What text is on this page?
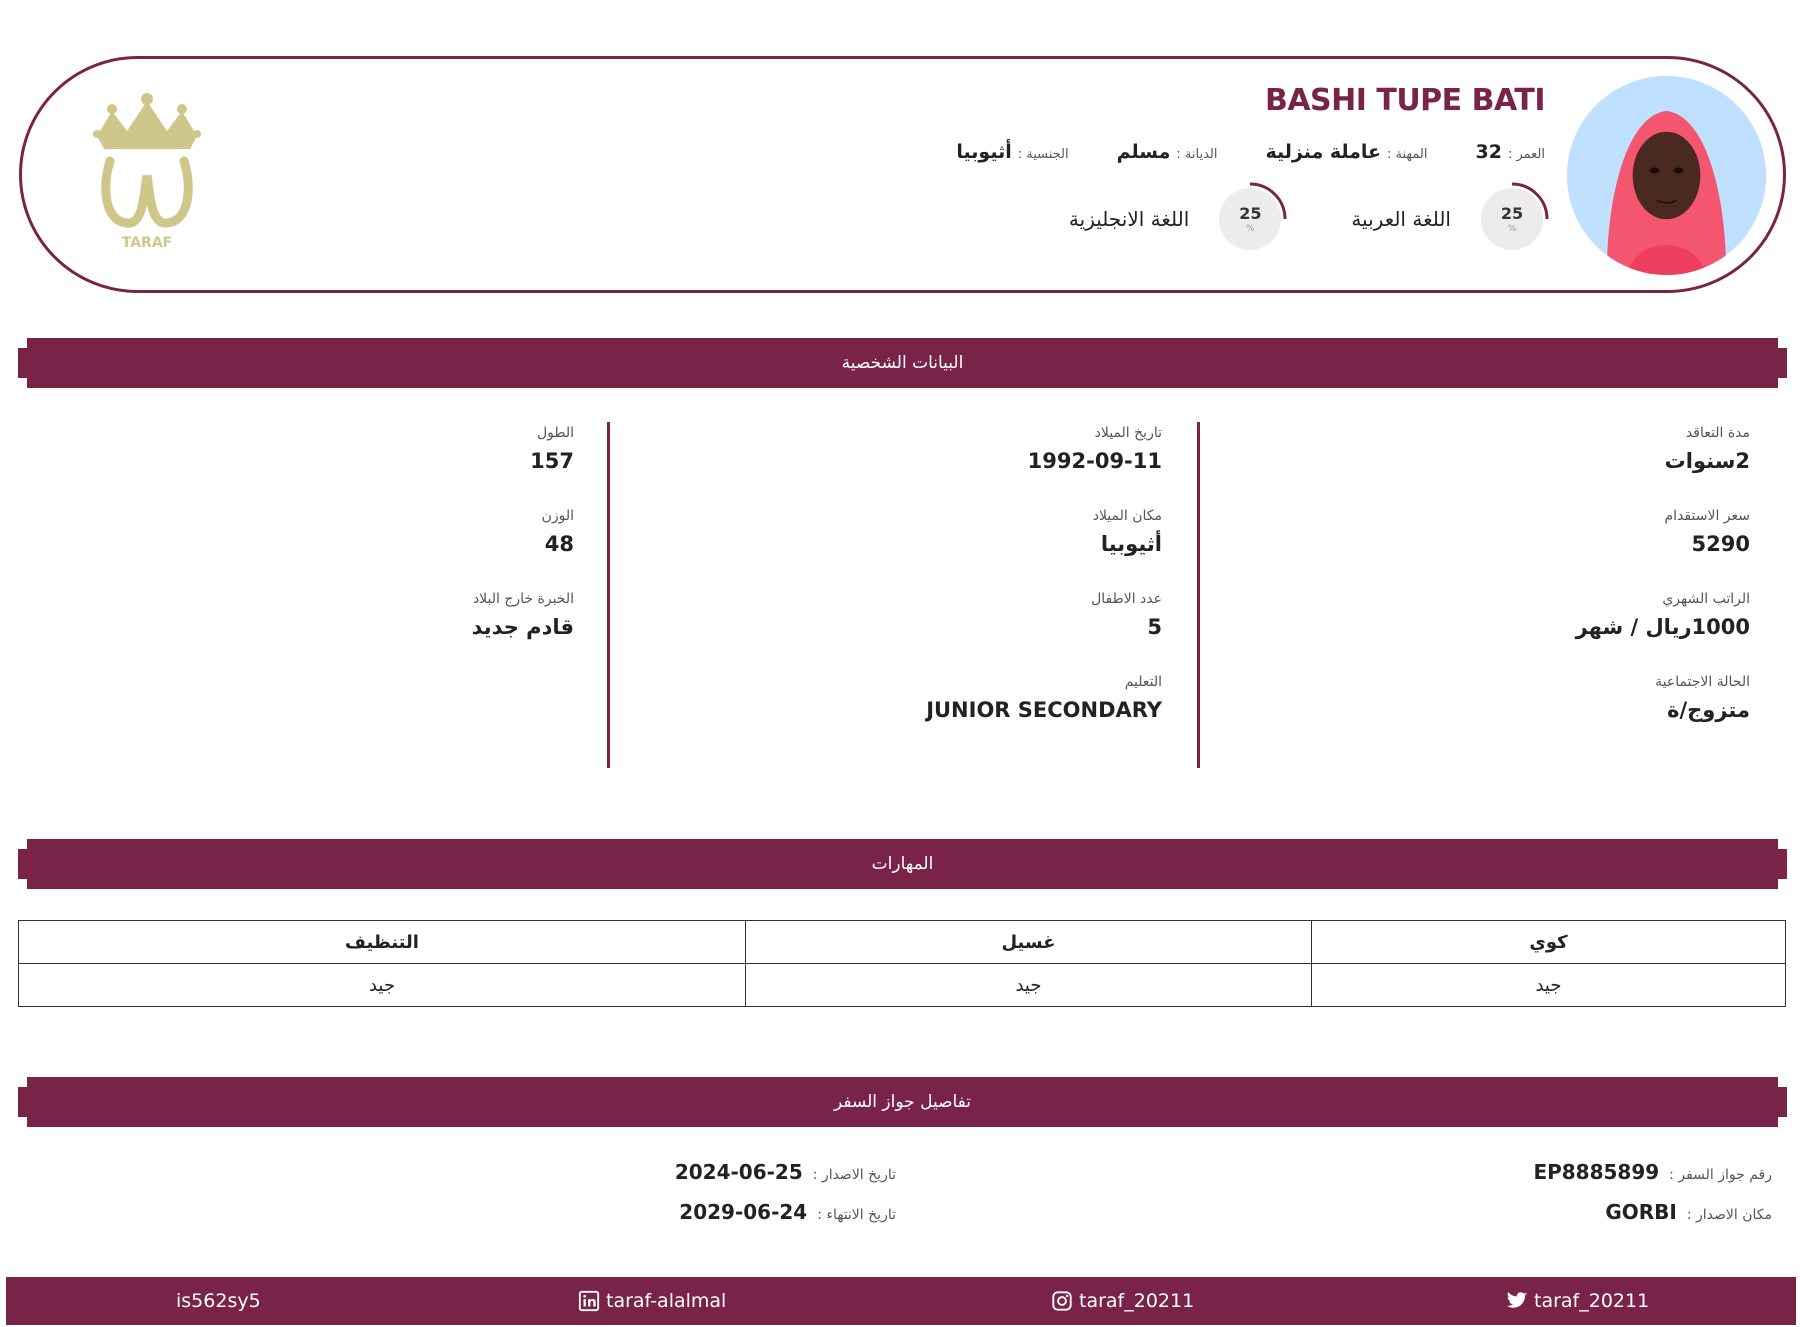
BASHI TUPE BATI
الجنسية :
أثيوبيا	الديانة :
مسلم	المهنة :
عاملة منزلية	العمر :
32
25
%
اللغة العربية
25
%
اللغة الانجليزية
TARAF
البيانات الشخصية
مدة التعاقد
2سنوات
سعر الاستقدام
5290
الراتب الشهري
1000ريال / شهر
الحالة الاجتماعية
متزوج/ة
تاريخ الميلاد
1992-09-11
مكان الميلاد
أثيوبيا
عدد الاطفال
5
التعليم
JUNIOR SECONDARY
الطول
157
الوزن
48
الخبرة خارج البلاد
قادم جديد
المهارات
كوي	غسيل	التنظيف
جيد	جيد	جيد
تفاصيل جواز السفر
رقم جواز السفر :
EP8885899
مكان الاصدار :
GORBI
تاريخ الاصدار :
2024-06-25
تاريخ الانتهاء :
2029-06-24
taraf_20211
taraf_20211
taraf-alalmal
is562sy5
